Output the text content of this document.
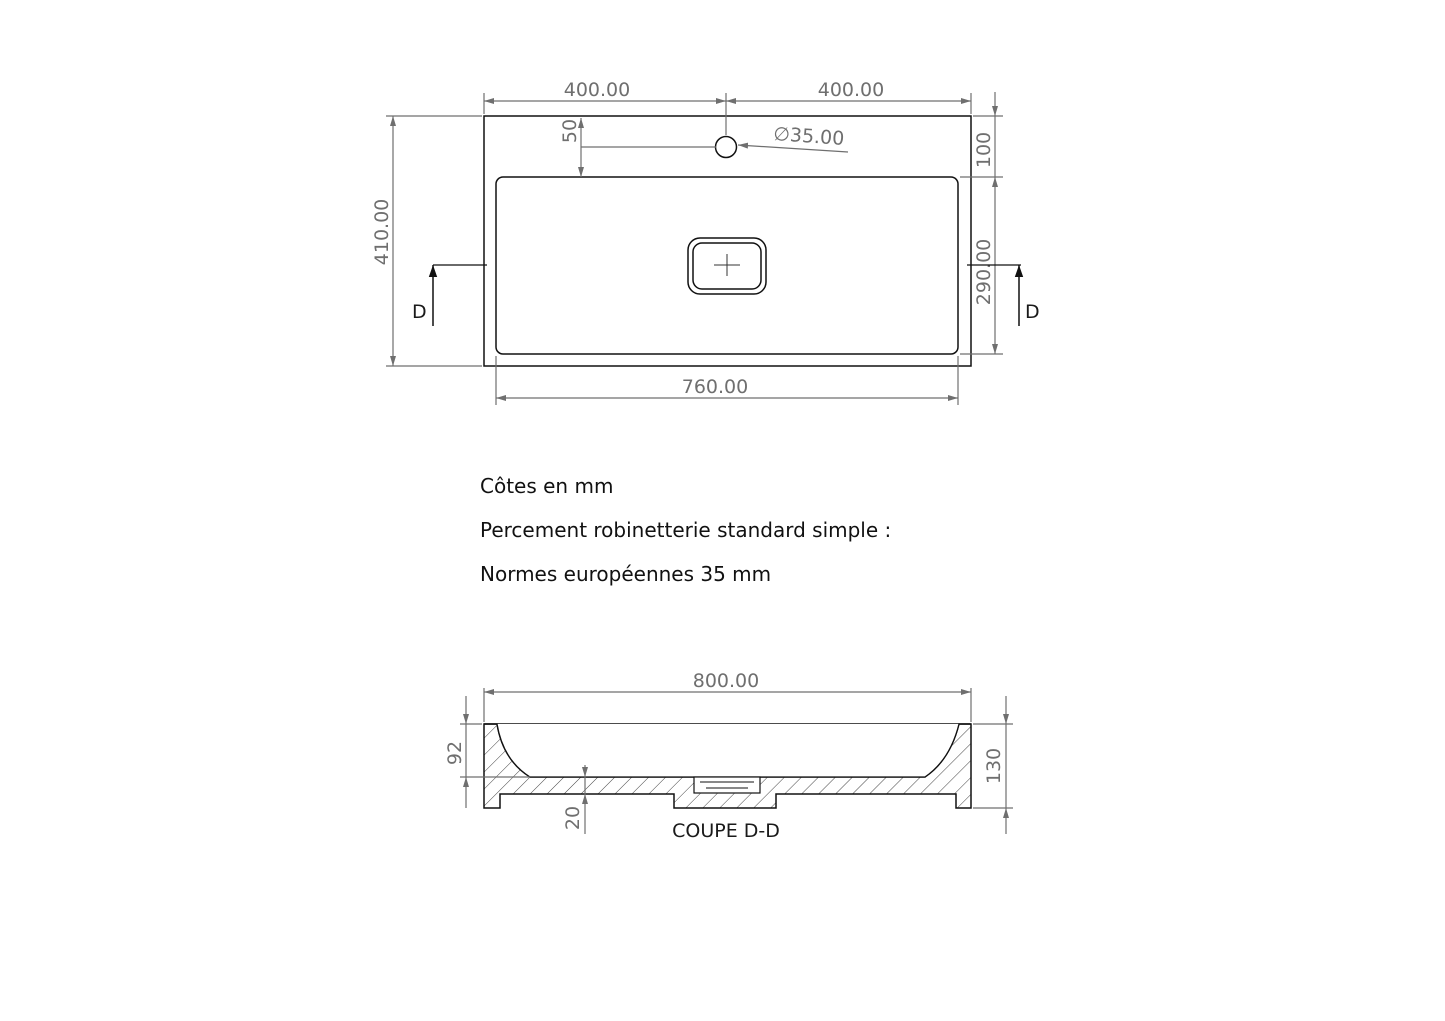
400.00	400.00
50	∅35.00	100
290.00
410.00
760.00
D	D
800.00
92	130
20
COUPE D-D
Côtes en mm
Percement robinetterie standard simple :
Normes européennes 35 mm
